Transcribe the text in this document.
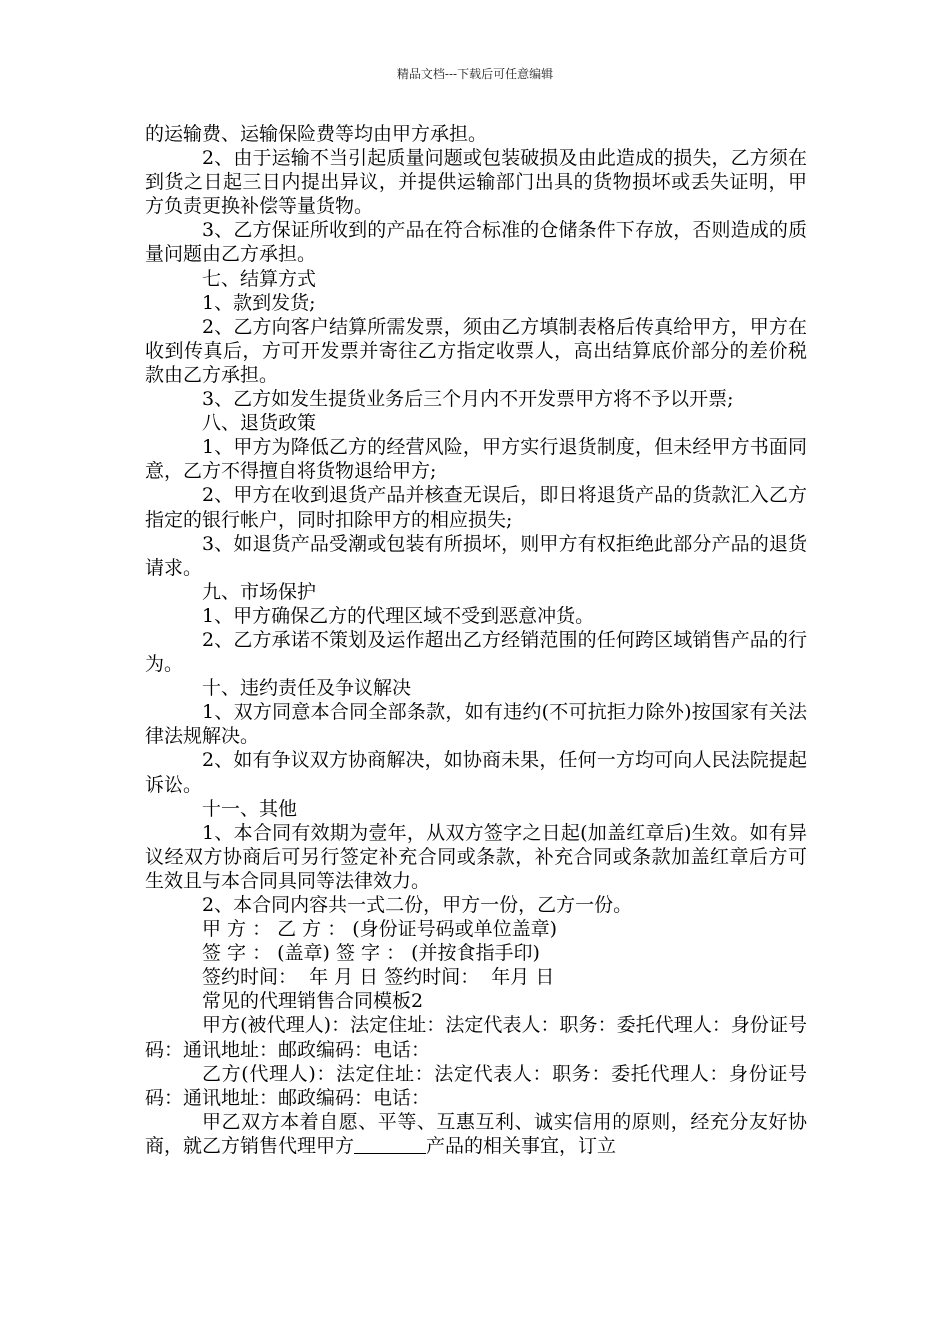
精品文档---下载后可任意编辑

的运输费、运输保险费等均由甲方承担。

2、由于运输不当引起质量问题或包装破损及由此造成的损失，乙方须在到货之日起三日内提出异议，并提供运输部门出具的货物损坏或丢失证明，甲方负责更换补偿等量货物。

3、乙方保证所收到的产品在符合标准的仓储条件下存放，否则造成的质量问题由乙方承担。

七、结算方式

1、款到发货;

2、乙方向客户结算所需发票，须由乙方填制表格后传真给甲方，甲方在收到传真后，方可开发票并寄往乙方指定收票人，高出结算底价部分的差价税款由乙方承担。

3、乙方如发生提货业务后三个月内不开发票甲方将不予以开票;

八、退货政策

1、甲方为降低乙方的经营风险，甲方实行退货制度，但未经甲方书面同意，乙方不得擅自将货物退给甲方;

2、甲方在收到退货产品并核查无误后，即日将退货产品的货款汇入乙方指定的银行帐户，同时扣除甲方的相应损失;

3、如退货产品受潮或包装有所损坏，则甲方有权拒绝此部分产品的退货请求。

九、市场保护

1、甲方确保乙方的代理区域不受到恶意冲货。

2、乙方承诺不策划及运作超出乙方经销范围的任何跨区域销售产品的行为。

十、违约责任及争议解决

1、双方同意本合同全部条款，如有违约(不可抗拒力除外)按国家有关法律法规解决。

2、如有争议双方协商解决，如协商未果，任何一方均可向人民法院提起诉讼。

十一、其他

1、本合同有效期为壹年，从双方签字之日起(加盖红章后)生效。如有异议经双方协商后可另行签定补充合同或条款，补充合同或条款加盖红章后方可生效且与本合同具同等法律效力。

2、本合同内容共一式二份，甲方一份，乙方一份。

甲 方 ： 乙 方 ： (身份证号码或单位盖章)

签 字 ： (盖章) 签 字 ： (并按食指手印)

签约时间：  年 月 日 签约时间：  年月 日

常见的代理销售合同模板2

甲方(被代理人)：法定住址：法定代表人：职务：委托代理人：身份证号码：通讯地址：邮政编码：电话：

乙方(代理人)：法定住址：法定代表人：职务：委托代理人：身份证号码：通讯地址：邮政编码：电话：

甲乙双方本着自愿、平等、互惠互利、诚实信用的原则，经充分友好协商，就乙方销售代理甲方	产品的相关事宜，订立
